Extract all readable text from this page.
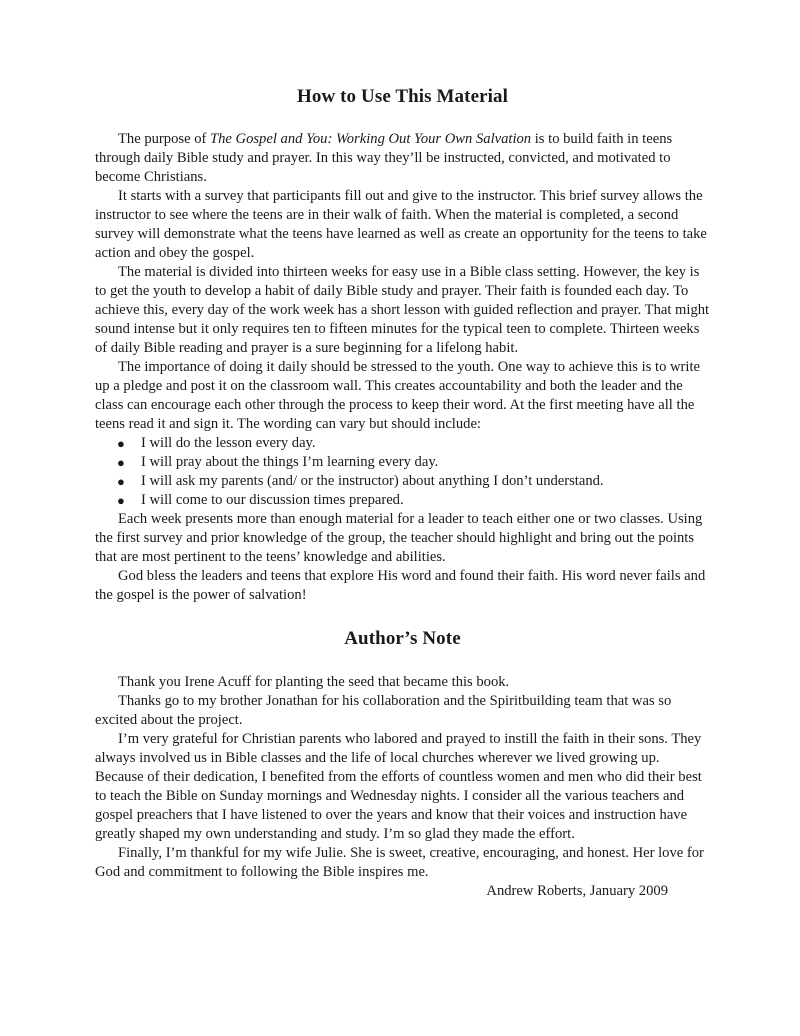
How to Use This Material

The purpose of The Gospel and You: Working Out Your Own Salvation is to build faith in teens through daily Bible study and prayer. In this way they’ll be instructed, convicted, and motivated to become Christians.

It starts with a survey that participants fill out and give to the instructor. This brief survey allows the instructor to see where the teens are in their walk of faith. When the material is completed, a second survey will demonstrate what the teens have learned as well as create an opportunity for the teens to take action and obey the gospel.

The material is divided into thirteen weeks for easy use in a Bible class setting. However, the key is to get the youth to develop a habit of daily Bible study and prayer. Their faith is founded each day. To achieve this, every day of the work week has a short lesson with guided reflection and prayer. That might sound intense but it only requires ten to fifteen minutes for the typical teen to complete. Thirteen weeks of daily Bible reading and prayer is a sure beginning for a lifelong habit.

The importance of doing it daily should be stressed to the youth. One way to achieve this is to write up a pledge and post it on the classroom wall. This creates accountability and both the leader and the class can encourage each other through the process to keep their word. At the first meeting have all the teens read it and sign it. The wording can vary but should include:

● I will do the lesson every day.
● I will pray about the things I’m learning every day.
● I will ask my parents (and/ or the instructor) about anything I don’t understand.
● I will come to our discussion times prepared.

Each week presents more than enough material for a leader to teach either one or two classes. Using the first survey and prior knowledge of the group, the teacher should highlight and bring out the points that are most pertinent to the teens’ knowledge and abilities.

God bless the leaders and teens that explore His word and found their faith. His word never fails and the gospel is the power of salvation!

Author’s Note

Thank you Irene Acuff for planting the seed that became this book.

Thanks go to my brother Jonathan for his collaboration and the Spiritbuilding team that was so excited about the project.

I’m very grateful for Christian parents who labored and prayed to instill the faith in their sons. They always involved us in Bible classes and the life of local churches wherever we lived growing up. Because of their dedication, I benefited from the efforts of countless women and men who did their best to teach the Bible on Sunday mornings and Wednesday nights. I consider all the various teachers and gospel preachers that I have listened to over the years and know that their voices and instruction have greatly shaped my own understanding and study. I’m so glad they made the effort.

Finally, I’m thankful for my wife Julie. She is sweet, creative, encouraging, and honest. Her love for God and commitment to following the Bible inspires me.

Andrew Roberts, January 2009
